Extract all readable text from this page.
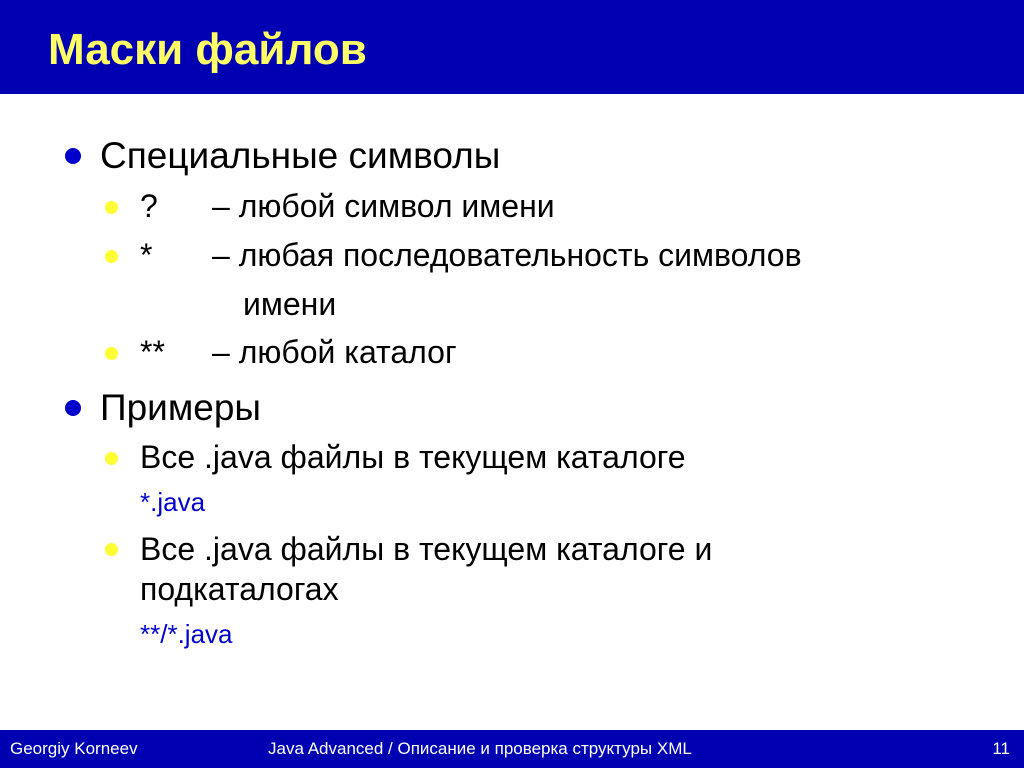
Маски файлов
Специальные символы
? – любой символ имени
* – любая последовательность символов
имени
** – любой каталог
Примеры
Все .java файлы в текущем каталоге
*.java
Все .java файлы в текущем каталоге и
подкаталогах
**/*.java
Georgiy Korneev	Java Advanced / Описание и проверка структуры XML	11
